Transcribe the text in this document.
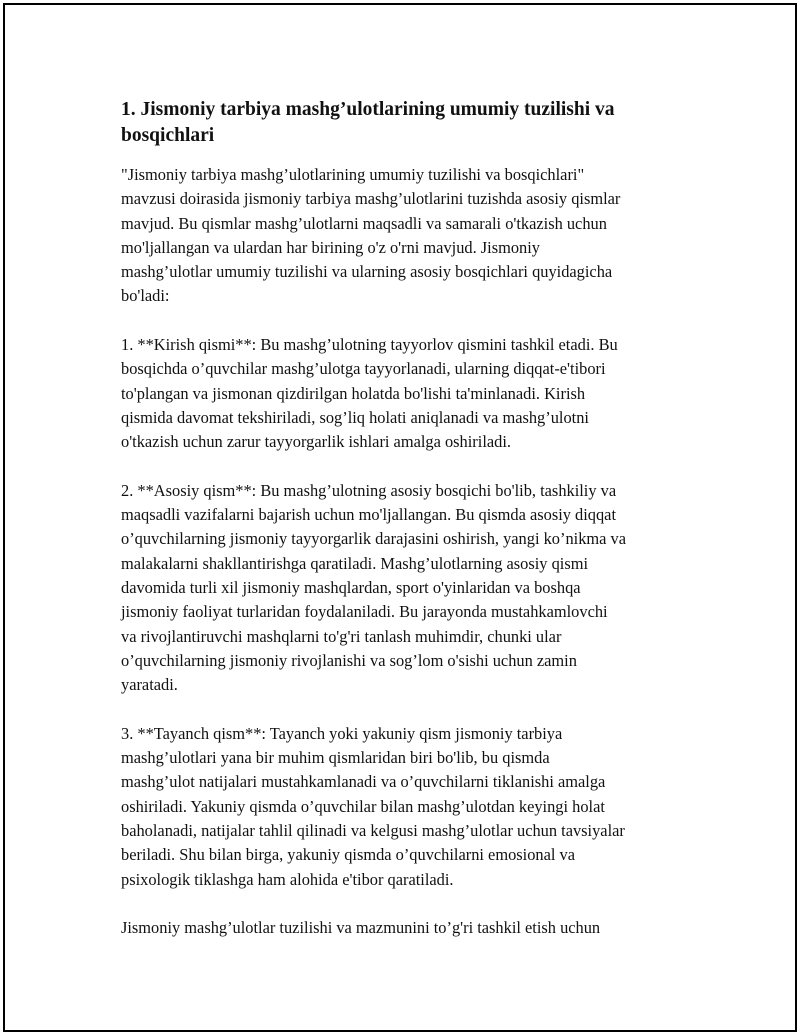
1. Jismoniy tarbiya mashg’ulotlarining umumiy tuzilishi va bosqichlari

"Jismoniy tarbiya mashg’ulotlarining umumiy tuzilishi va bosqichlari"
mavzusi doirasida jismoniy tarbiya mashg’ulotlarini tuzishda asosiy qismlar
mavjud. Bu qismlar mashg’ulotlarni maqsadli va samarali o'tkazish uchun
mo'ljallangan va ulardan har birining o'z o'rni mavjud. Jismoniy
mashg’ulotlar umumiy tuzilishi va ularning asosiy bosqichlari quyidagicha
bo'ladi:

1. **Kirish qismi**: Bu mashg’ulotning tayyorlov qismini tashkil etadi. Bu
bosqichda o’quvchilar mashg’ulotga tayyorlanadi, ularning diqqat-e'tibori
to'plangan va jismonan qizdirilgan holatda bo'lishi ta'minlanadi. Kirish
qismida davomat tekshiriladi, sog’liq holati aniqlanadi va mashg’ulotni
o'tkazish uchun zarur tayyorgarlik ishlari amalga oshiriladi.

2. **Asosiy qism**: Bu mashg’ulotning asosiy bosqichi bo'lib, tashkiliy va
maqsadli vazifalarni bajarish uchun mo'ljallangan. Bu qismda asosiy diqqat
o’quvchilarning jismoniy tayyorgarlik darajasini oshirish, yangi ko’nikma va
malakalarni shakllantirishga qaratiladi. Mashg’ulotlarning asosiy qismi
davomida turli xil jismoniy mashqlardan, sport o'yinlaridan va boshqa
jismoniy faoliyat turlaridan foydalaniladi. Bu jarayonda mustahkamlovchi
va rivojlantiruvchi mashqlarni to'g'ri tanlash muhimdir, chunki ular
o’quvchilarning jismoniy rivojlanishi va sog’lom o'sishi uchun zamin
yaratadi.

3. **Tayanch qism**: Tayanch yoki yakuniy qism jismoniy tarbiya
mashg’ulotlari yana bir muhim qismlaridan biri bo'lib, bu qismda
mashg’ulot natijalari mustahkamlanadi va o’quvchilarni tiklanishi amalga
oshiriladi. Yakuniy qismda o’quvchilar bilan mashg’ulotdan keyingi holat
baholanadi, natijalar tahlil qilinadi va kelgusi mashg’ulotlar uchun tavsiyalar
beriladi. Shu bilan birga, yakuniy qismda o’quvchilarni emosional va
psixologik tiklashga ham alohida e'tibor qaratiladi.

Jismoniy mashg’ulotlar tuzilishi va mazmunini to’g'ri tashkil etish uchun
